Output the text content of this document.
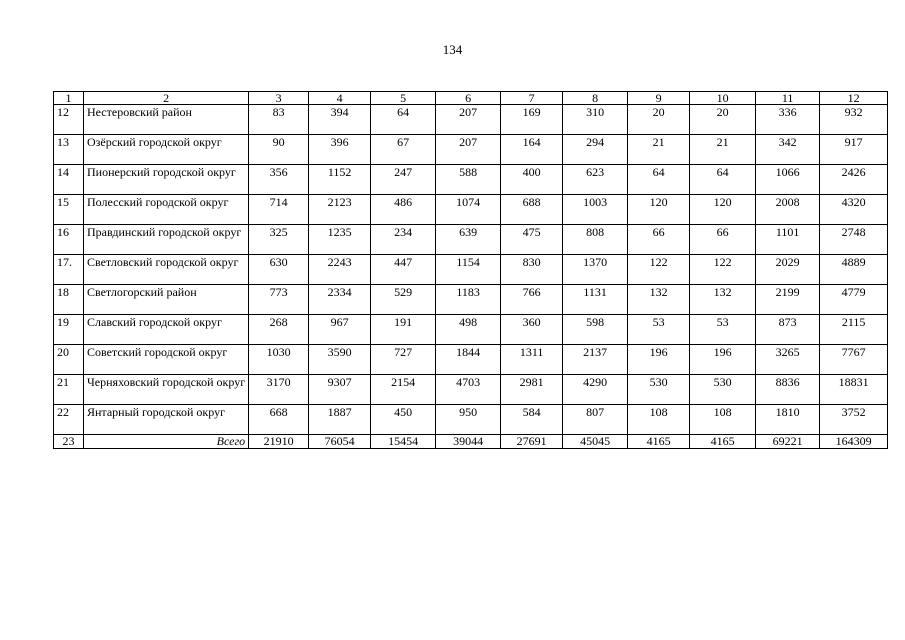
134
1	2	3	4	5	6	7	8	9	10	11	12
12	Нестеровский район	83	394	64	207	169	310	20	20	336	932
13	Озёрский городской округ	90	396	67	207	164	294	21	21	342	917
14	Пионерский городской округ	356	1152	247	588	400	623	64	64	1066	2426
15	Полесский городской округ	714	2123	486	1074	688	1003	120	120	2008	4320
16	Правдинский городской округ	325	1235	234	639	475	808	66	66	1101	2748
17.	Светловский городской округ	630	2243	447	1154	830	1370	122	122	2029	4889
18	Светлогорский район	773	2334	529	1183	766	1131	132	132	2199	4779
19	Славский городской округ	268	967	191	498	360	598	53	53	873	2115
20	Советский городской округ	1030	3590	727	1844	1311	2137	196	196	3265	7767
21	Черняховский городской округ	3170	9307	2154	4703	2981	4290	530	530	8836	18831
22	Янтарный городской округ	668	1887	450	950	584	807	108	108	1810	3752
23	Всего	21910	76054	15454	39044	27691	45045	4165	4165	69221	164309
